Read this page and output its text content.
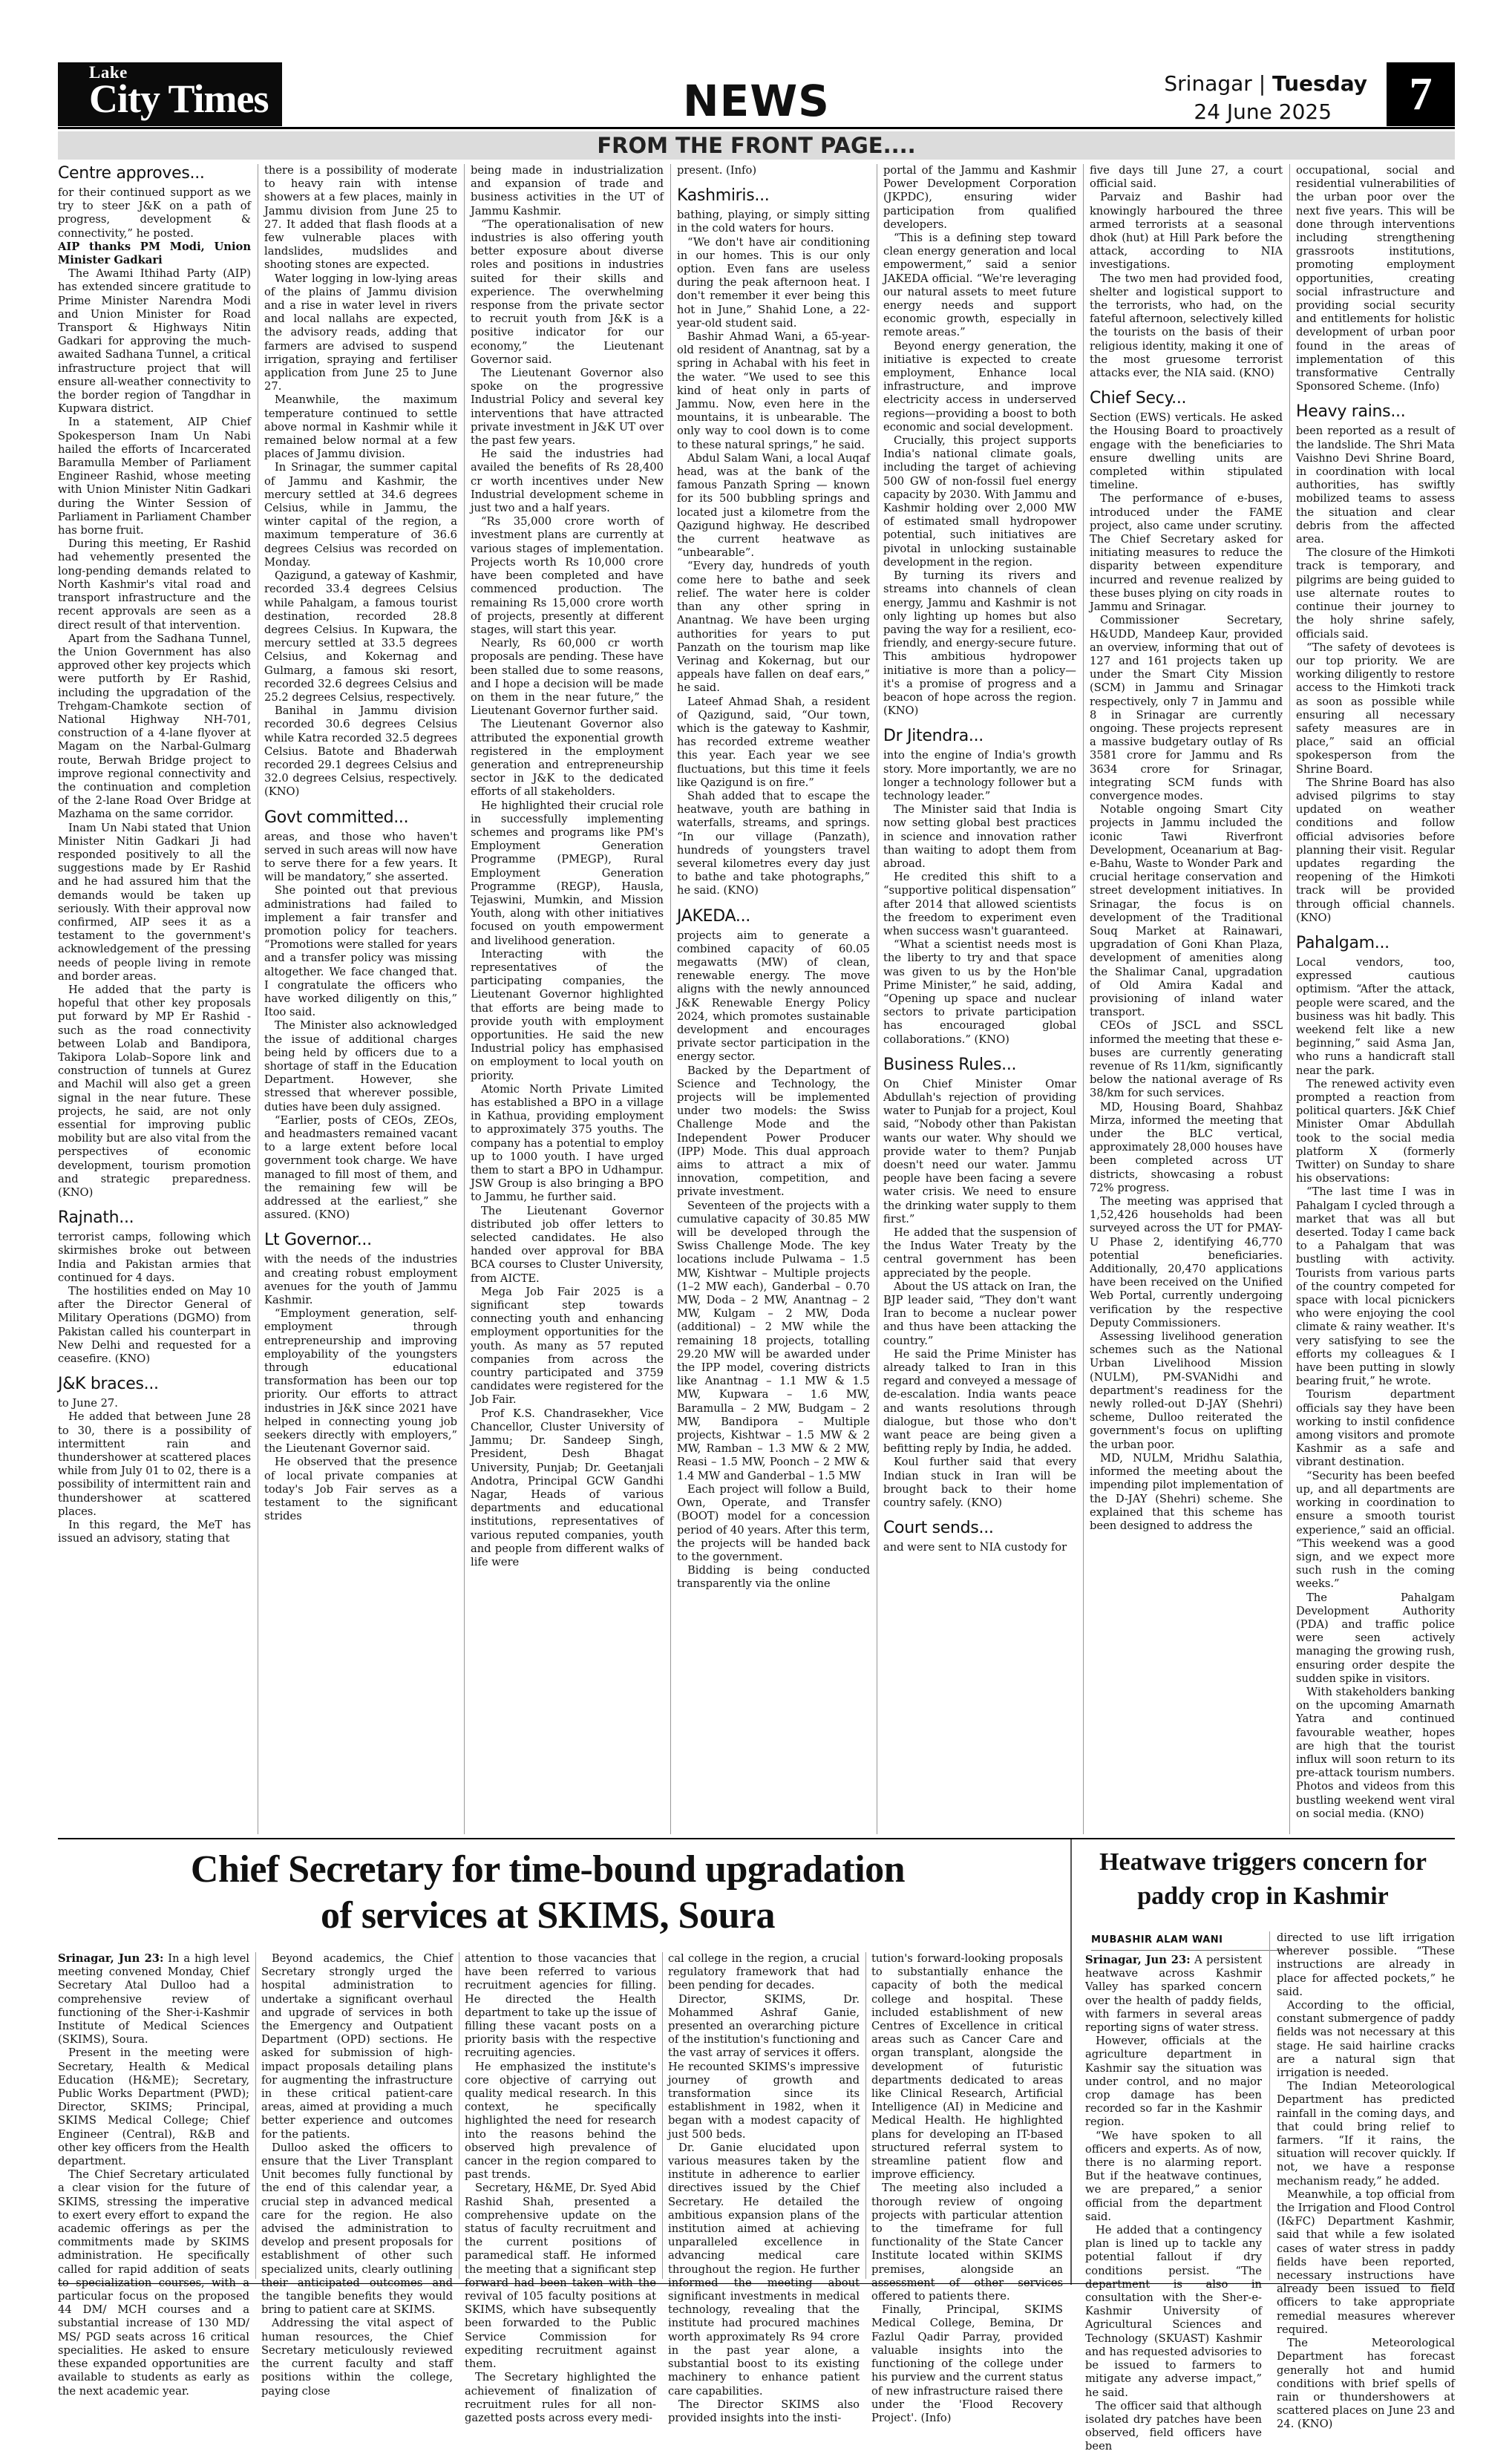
Lake
City Times	NEWS	Srinagar | Tuesday
24 June 2025	7
FROM THE FRONT PAGE....
Centre approves...

for their continued support as we try to steer J&K on a path of progress, development & connectivity,” he posted.

AIP thanks PM Modi, Union Minister Gadkari

The Awami Ithihad Party (AIP) has extended sincere gratitude to Prime Minister Narendra Modi and Union Minister for Road Transport & Highways Nitin Gadkari for approving the much-awaited Sadhana Tunnel, a critical infrastructure project that will ensure all-weather connectivity to the border region of Tangdhar in Kupwara district.

In a statement, AIP Chief Spokesperson Inam Un Nabi hailed the efforts of Incarcerated Baramulla Member of Parliament Engineer Rashid, whose meeting with Union Minister Nitin Gadkari during the Winter Session of Parliament in Parliament Chamber has borne fruit.

During this meeting, Er Rashid had vehemently presented the long-pending demands related to North Kashmir's vital road and transport infrastructure and the recent approvals are seen as a direct result of that intervention.

Apart from the Sadhana Tunnel, the Union Government has also approved other key projects which were putforth by Er Rashid, including the upgradation of the Trehgam-Chamkote section of National Highway NH-701, construction of a 4-lane flyover at Magam on the Narbal-Gulmarg route, Berwah Bridge project to improve regional connectivity and the continuation and completion of the 2-lane Road Over Bridge at Mazhama on the same corridor.

Inam Un Nabi stated that Union Minister Nitin Gadkari Ji had responded positively to all the suggestions made by Er Rashid and he had assured him that the demands would be taken up seriously. With their approval now confirmed, AIP sees it as a testament to the government's acknowledgement of the pressing needs of people living in remote and border areas.

He added that the party is hopeful that other key proposals put forward by MP Er Rashid - such as the road connectivity between Lolab and Bandipora, Takipora Lolab–Sopore link and construction of tunnels at Gurez and Machil will also get a green signal in the near future. These projects, he said, are not only essential for improving public mobility but are also vital from the perspectives of economic development, tourism promotion and strategic preparedness. (KNO)

Rajnath...

terrorist camps, following which skirmishes broke out between India and Pakistan armies that continued for 4 days.

The hostilities ended on May 10 after the Director General of Military Operations (DGMO) from Pakistan called his counterpart in New Delhi and requested for a ceasefire. (KNO)

J&K braces...

to June 27.

He added that between June 28 to 30, there is a possibility of intermittent rain and thundershower at scattered places while from July 01 to 02, there is a possibility of intermittent rain and thundershower at scattered places.

In this regard, the MeT has issued an advisory, stating that

there is a possibility of moderate to heavy rain with intense showers at a few places, mainly in Jammu division from June 25 to 27. It added that flash floods at a few vulnerable places with landslides, mudslides and shooting stones are expected.

Water logging in low-lying areas of the plains of Jammu division and a rise in water level in rivers and local nallahs are expected, the advisory reads, adding that farmers are advised to suspend irrigation, spraying and fertiliser application from June 25 to June 27.

Meanwhile, the maximum temperature continued to settle above normal in Kashmir while it remained below normal at a few places of Jammu division.

In Srinagar, the summer capital of Jammu and Kashmir, the mercury settled at 34.6 degrees Celsius, while in Jammu, the winter capital of the region, a maximum temperature of 36.6 degrees Celsius was recorded on Monday.

Qazigund, a gateway of Kashmir, recorded 33.4 degrees Celsius while Pahalgam, a famous tourist destination, recorded 28.8 degrees Celsius. In Kupwara, the mercury settled at 33.5 degrees Celsius, and Kokernag and Gulmarg, a famous ski resort, recorded 32.6 degrees Celsius and 25.2 degrees Celsius, respectively.

Banihal in Jammu division recorded 30.6 degrees Celsius while Katra recorded 32.5 degrees Celsius. Batote and Bhaderwah recorded 29.1 degrees Celsius and 32.0 degrees Celsius, respectively. (KNO)

Govt committed...

areas, and those who haven't served in such areas will now have to serve there for a few years. It will be mandatory,” she asserted.

She pointed out that previous administrations had failed to implement a fair transfer and promotion policy for teachers. “Promotions were stalled for years and a transfer policy was missing altogether. We face changed that. I congratulate the officers who have worked diligently on this,” Itoo said.

The Minister also acknowledged the issue of additional charges being held by officers due to a shortage of staff in the Education Department. However, she stressed that wherever possible, duties have been duly assigned.

“Earlier, posts of CEOs, ZEOs, and headmasters remained vacant to a large extent before local government took charge. We have managed to fill most of them, and the remaining few will be addressed at the earliest,” she assured. (KNO)

Lt Governor...

with the needs of the industries and creating robust employment avenues for the youth of Jammu Kashmir.

“Employment generation, self-employment through entrepreneurship and improving employability of the youngsters through educational transformation has been our top priority. Our efforts to attract industries in J&K since 2021 have helped in connecting young job seekers directly with employers,” the Lieutenant Governor said.

He observed that the presence of local private companies at today's Job Fair serves as a testament to the significant strides

being made in industrialization and expansion of trade and business activities in the UT of Jammu Kashmir.

“The operationalisation of new industries is also offering youth better exposure about diverse roles and positions in industries suited for their skills and experience. The overwhelming response from the private sector to recruit youth from J&K is a positive indicator for our economy,” the Lieutenant Governor said.

The Lieutenant Governor also spoke on the progressive Industrial Policy and several key interventions that have attracted private investment in J&K UT over the past few years.

He said the industries had availed the benefits of Rs 28,400 cr worth incentives under New Industrial development scheme in just two and a half years.

“Rs 35,000 crore worth of investment plans are currently at various stages of implementation. Projects worth Rs 10,000 crore have been completed and have commenced production. The remaining Rs 15,000 crore worth of projects, presently at different stages, will start this year.

Nearly, Rs 60,000 cr worth proposals are pending. These have been stalled due to some reasons, and I hope a decision will be made on them in the near future,” the Lieutenant Governor further said.

The Lieutenant Governor also attributed the exponential growth registered in the employment generation and entrepreneurship sector in J&K to the dedicated efforts of all stakeholders.

He highlighted their crucial role in successfully implementing schemes and programs like PM's Employment Generation Programme (PMEGP), Rural Employment Generation Programme (REGP), Hausla, Tejaswini, Mumkin, and Mission Youth, along with other initiatives focused on youth empowerment and livelihood generation.

Interacting with the representatives of the participating companies, the Lieutenant Governor highlighted that efforts are being made to provide youth with employment opportunities. He said the new Industrial policy has emphasised on employment to local youth on priority.

Atomic North Private Limited has established a BPO in a village in Kathua, providing employment to approximately 375 youths. The company has a potential to employ up to 1000 youth. I have urged them to start a BPO in Udhampur. JSW Group is also bringing a BPO to Jammu, he further said.

The Lieutenant Governor distributed job offer letters to selected candidates. He also handed over approval for BBA BCA courses to Cluster University, from AICTE.

Mega Job Fair 2025 is a significant step towards connecting youth and enhancing employment opportunities for the youth. As many as 57 reputed companies from across the country participated and 3759 candidates were registered for the Job Fair.

Prof K.S. Chandrasekher, Vice Chancellor, Cluster University of Jammu; Dr. Sandeep Singh, President, Desh Bhagat University, Punjab; Dr. Geetanjali Andotra, Principal GCW Gandhi Nagar, Heads of various departments and educational institutions, representatives of various reputed companies, youth and people from different walks of life were

present. (Info)

Kashmiris...

bathing, playing, or simply sitting in the cold waters for hours.

“We don't have air conditioning in our homes. This is our only option. Even fans are useless during the peak afternoon heat. I don't remember it ever being this hot in June,” Shahid Lone, a 22-year-old student said.

Bashir Ahmad Wani, a 65-year-old resident of Anantnag, sat by a spring in Achabal with his feet in the water. “We used to see this kind of heat only in parts of Jammu. Now, even here in the mountains, it is unbearable. The only way to cool down is to come to these natural springs,” he said.

Abdul Salam Wani, a local Auqaf head, was at the bank of the famous Panzath Spring — known for its 500 bubbling springs and located just a kilometre from the Qazigund highway. He described the current heatwave as “unbearable”.

“Every day, hundreds of youth come here to bathe and seek relief. The water here is colder than any other spring in Anantnag. We have been urging authorities for years to put Panzath on the tourism map like Verinag and Kokernag, but our appeals have fallen on deaf ears,” he said.

Lateef Ahmad Shah, a resident of Qazigund, said, “Our town, which is the gateway to Kashmir, has recorded extreme weather this year. Each year we see fluctuations, but this time it feels like Qazigund is on fire.”

Shah added that to escape the heatwave, youth are bathing in waterfalls, streams, and springs. “In our village (Panzath), hundreds of youngsters travel several kilometres every day just to bathe and take photographs,” he said. (KNO)

JAKEDA...

projects aim to generate a combined capacity of 60.05 megawatts (MW) of clean, renewable energy. The move aligns with the newly announced J&K Renewable Energy Policy 2024, which promotes sustainable development and encourages private sector participation in the energy sector.

Backed by the Department of Science and Technology, the projects will be implemented under two models: the Swiss Challenge Mode and the Independent Power Producer (IPP) Mode. This dual approach aims to attract a mix of innovation, competition, and private investment.

Seventeen of the projects with a cumulative capacity of 30.85 MW will be developed through the Swiss Challenge Mode. The key locations include Pulwama – 1.5 MW, Kishtwar – Multiple projects (1–2 MW each), Ganderbal – 0.70 MW, Doda – 2 MW, Anantnag – 2 MW, Kulgam – 2 MW, Doda (additional) – 2 MW while the remaining 18 projects, totalling 29.20 MW will be awarded under the IPP model, covering districts like Anantnag – 1.1 MW & 1.5 MW, Kupwara – 1.6 MW, Baramulla – 2 MW, Budgam – 2 MW, Bandipora – Multiple projects, Kishtwar – 1.5 MW & 2 MW, Ramban – 1.3 MW & 2 MW, Reasi – 1.5 MW, Poonch – 2 MW & 1.4 MW and Ganderbal – 1.5 MW

Each project will follow a Build, Own, Operate, and Transfer (BOOT) model for a concession period of 40 years. After this term, the projects will be handed back to the government.

Bidding is being conducted transparently via the online

portal of the Jammu and Kashmir Power Development Corporation (JKPDC), ensuring wider participation from qualified developers.

“This is a defining step toward clean energy generation and local empowerment,” said a senior JAKEDA official. “We're leveraging our natural assets to meet future energy needs and support economic growth, especially in remote areas.”

Beyond energy generation, the initiative is expected to create employment, Enhance local infrastructure, and improve electricity access in underserved regions—providing a boost to both economic and social development.

Crucially, this project supports India's national climate goals, including the target of achieving 500 GW of non-fossil fuel energy capacity by 2030. With Jammu and Kashmir holding over 2,000 MW of estimated small hydropower potential, such initiatives are pivotal in unlocking sustainable development in the region.

By turning its rivers and streams into channels of clean energy, Jammu and Kashmir is not only lighting up homes but also paving the way for a resilient, eco-friendly, and energy-secure future. This ambitious hydropower initiative is more than a policy—it's a promise of progress and a beacon of hope across the region. (KNO)

Dr Jitendra...

into the engine of India's growth story. More importantly, we are no longer a technology follower but a technology leader.”

The Minister said that India is now setting global best practices in science and innovation rather than waiting to adopt them from abroad.

He credited this shift to a “supportive political dispensation” after 2014 that allowed scientists the freedom to experiment even when success wasn't guaranteed.

“What a scientist needs most is the liberty to try and that space was given to us by the Hon'ble Prime Minister,” he said, adding, “Opening up space and nuclear sectors to private participation has encouraged global collaborations.” (KNO)

Business Rules...

On Chief Minister Omar Abdullah's rejection of providing water to Punjab for a project, Koul said, “Nobody other than Pakistan wants our water. Why should we provide water to them? Punjab doesn't need our water. Jammu people have been facing a severe water crisis. We need to ensure the drinking water supply to them first.”

He added that the suspension of the Indus Water Treaty by the central government has been appreciated by the people.

About the US attack on Iran, the BJP leader said, “They don't want Iran to become a nuclear power and thus have been attacking the country.”

He said the Prime Minister has already talked to Iran in this regard and conveyed a message of de-escalation. India wants peace and wants resolutions through dialogue, but those who don't want peace are being given a befitting reply by India, he added.

Koul further said that every Indian stuck in Iran will be brought back to their home country safely. (KNO)

Court sends...

and were sent to NIA custody for

five days till June 27, a court official said.

Parvaiz and Bashir had knowingly harboured the three armed terrorists at a seasonal dhok (hut) at Hill Park before the attack, according to NIA investigations.

The two men had provided food, shelter and logistical support to the terrorists, who had, on the fateful afternoon, selectively killed the tourists on the basis of their religious identity, making it one of the most gruesome terrorist attacks ever, the NIA said. (KNO)

Chief Secy...

Section (EWS) verticals. He asked the Housing Board to proactively engage with the beneficiaries to ensure dwelling units are completed within stipulated timeline.

The performance of e-buses, introduced under the FAME project, also came under scrutiny. The Chief Secretary asked for initiating measures to reduce the disparity between expenditure incurred and revenue realized by these buses plying on city roads in Jammu and Srinagar.

Commissioner Secretary, H&UDD, Mandeep Kaur, provided an overview, informing that out of 127 and 161 projects taken up under the Smart City Mission (SCM) in Jammu and Srinagar respectively, only 7 in Jammu and 8 in Srinagar are currently ongoing. These projects represent a massive budgetary outlay of Rs 3581 crore for Jammu and Rs 3634 crore for Srinagar, integrating SCM funds with convergence modes.

Notable ongoing Smart City projects in Jammu included the iconic Tawi Riverfront Development, Oceanarium at Bag-e-Bahu, Waste to Wonder Park and crucial heritage conservation and street development initiatives. In Srinagar, the focus is on development of the Traditional Souq Market at Rainawari, upgradation of Goni Khan Plaza, development of amenities along the Shalimar Canal, upgradation of Old Amira Kadal and provisioning of inland water transport.

CEOs of JSCL and SSCL informed the meeting that these e-buses are currently generating revenue of Rs 11/km, significantly below the national average of Rs 38/km for such services.

MD, Housing Board, Shahbaz Mirza, informed the meeting that under the BLC vertical, approximately 28,000 houses have been completed across UT districts, showcasing a robust 72% progress.

The meeting was apprised that 1,52,426 households had been surveyed across the UT for PMAY-U Phase 2, identifying 46,770 potential beneficiaries. Additionally, 20,470 applications have been received on the Unified Web Portal, currently undergoing verification by the respective Deputy Commissioners.

Assessing livelihood generation schemes such as the National Urban Livelihood Mission (NULM), PM-SVANidhi and department's readiness for the newly rolled-out D-JAY (Shehri) scheme, Dulloo reiterated the government's focus on uplifting the urban poor.

MD, NULM, Mridhu Salathia, informed the meeting about the impending pilot implementation of the D-JAY (Shehri) scheme. She explained that this scheme has been designed to address the

occupational, social and residential vulnerabilities of the urban poor over the next five years. This will be done through interventions including strengthening grassroots institutions, promoting employment opportunities, creating social infrastructure and providing social security and entitlements for holistic development of urban poor found in the areas of implementation of this transformative Centrally Sponsored Scheme. (Info)

Heavy rains...

been reported as a result of the landslide. The Shri Mata Vaishno Devi Shrine Board, in coordination with local authorities, has swiftly mobilized teams to assess the situation and clear debris from the affected area.

The closure of the Himkoti track is temporary, and pilgrims are being guided to use alternate routes to continue their journey to the holy shrine safely, officials said.

“The safety of devotees is our top priority. We are working diligently to restore access to the Himkoti track as soon as possible while ensuring all necessary safety measures are in place,” said an official spokesperson from the Shrine Board.

The Shrine Board has also advised pilgrims to stay updated on weather conditions and follow official advisories before planning their visit. Regular updates regarding the reopening of the Himkoti track will be provided through official channels. (KNO)

Pahalgam...

Local vendors, too, expressed cautious optimism. “After the attack, people were scared, and the business was hit badly. This weekend felt like a new beginning,” said Asma Jan, who runs a handicraft stall near the park.

The renewed activity even prompted a reaction from political quarters. J&K Chief Minister Omar Abdullah took to the social media platform X (formerly Twitter) on Sunday to share his observations:

“The last time I was in Pahalgam I cycled through a market that was all but deserted. Today I came back to a Pahalgam that was bustling with activity. Tourists from various parts of the country competed for space with local picnickers who were enjoying the cool climate & rainy weather. It's very satisfying to see the efforts my colleagues & I have been putting in slowly bearing fruit,” he wrote.

Tourism department officials say they have been working to instil confidence among visitors and promote Kashmir as a safe and vibrant destination.

“Security has been beefed up, and all departments are working in coordination to ensure a smooth tourist experience,” said an official. “This weekend was a good sign, and we expect more such rush in the coming weeks.”

The Pahalgam Development Authority (PDA) and traffic police were seen actively managing the growing rush, ensuring order despite the sudden spike in visitors.

With stakeholders banking on the upcoming Amarnath Yatra and continued favourable weather, hopes are high that the tourist influx will soon return to its pre-attack tourism numbers. Photos and videos from this bustling weekend went viral on social media. (KNO)

Chief Secretary for time-bound upgradation
of services at SKIMS, Soura

Srinagar, Jun 23: In a high level meeting convened Monday, Chief Secretary Atal Dulloo had a comprehensive review of functioning of the Sher-i-Kashmir Institute of Medical Sciences (SKIMS), Soura.

Present in the meeting were Secretary, Health & Medical Education (H&ME); Secretary, Public Works Department (PWD); Director, SKIMS; Principal, SKIMS Medical College; Chief Engineer (Central), R&B and other key officers from the Health department.

The Chief Secretary articulated a clear vision for the future of SKIMS, stressing the imperative to exert every effort to expand the academic offerings as per the commitments made by SKIMS administration. He specifically called for rapid addition of seats to specialization courses, with a particular focus on the proposed 44 DM/ MCH courses and a substantial increase of 130 MD/ MS/ PGD seats across 16 critical specialities. He asked to ensure these expanded opportunities are available to students as early as the next academic year.

Beyond academics, the Chief Secretary strongly urged the hospital administration to undertake a significant overhaul and upgrade of services in both the Emergency and Outpatient Department (OPD) sections. He asked for submission of high-impact proposals detailing plans for augmenting the infrastructure in these critical patient-care areas, aimed at providing a much better experience and outcomes for the patients.

Dulloo asked the officers to ensure that the Liver Transplant Unit becomes fully functional by the end of this calendar year, a crucial step in advanced medical care for the region. He also advised the administration to develop and present proposals for establishment of other such specialized units, clearly outlining their anticipated outcomes and the tangible benefits they would bring to patient care at SKIMS.

Addressing the vital aspect of human resources, the Chief Secretary meticulously reviewed the current faculty and staff positions within the college, paying close

attention to those vacancies that have been referred to various recruitment agencies for filling. He directed the Health department to take up the issue of filling these vacant posts on a priority basis with the respective recruiting agencies.

He emphasized the institute's core objective of carrying out quality medical research. In this context, he specifically highlighted the need for research into the reasons behind the observed high prevalence of cancer in the region compared to past trends.

Secretary, H&ME, Dr. Syed Abid Rashid Shah, presented a comprehensive update on the status of faculty recruitment and the current positions of paramedical staff. He informed the meeting that a significant step forward had been taken with the revival of 105 faculty positions at SKIMS, which have subsequently been forwarded to the Public Service Commission for expediting recruitment against them.

The Secretary highlighted the achievement of finalization of recruitment rules for all non-gazetted posts across every medi-

cal college in the region, a crucial regulatory framework that had been pending for decades.

Director, SKIMS, Dr. Mohammed Ashraf Ganie, presented an overarching picture of the institution's functioning and the vast array of services it offers. He recounted SKIMS's impressive journey of growth and transformation since its establishment in 1982, when it began with a modest capacity of just 500 beds.

Dr. Ganie elucidated upon various measures taken by the institute in adherence to earlier directives issued by the Chief Secretary. He detailed the ambitious expansion plans of the institution aimed at achieving unparalleled excellence in advancing medical care throughout the region. He further informed the meeting about significant investments in medical technology, revealing that the institute had procured machines worth approximately Rs 94 crore in the past year alone, a substantial boost to its existing machinery to enhance patient care capabilities.

The Director SKIMS also provided insights into the insti-

tution's forward-looking proposals to substantially enhance the capacity of both the medical college and hospital. These included establishment of new Centres of Excellence in critical areas such as Cancer Care and organ transplant, alongside the development of futuristic departments dedicated to areas like Clinical Research, Artificial Intelligence (AI) in Medicine and Medical Health. He highlighted plans for developing an IT-based structured referral system to streamline patient flow and improve efficiency.

The meeting also included a thorough review of ongoing projects with particular attention to the timeframe for full functionality of the State Cancer Institute located within SKIMS premises, alongside an assessment of other services offered to patients there.

Finally, Principal, SKIMS Medical College, Bemina, Dr Fazlul Qadir Parray, provided valuable insights into the functioning of the college under his purview and the current status of new infrastructure raised there under the 'Flood Recovery Project'. (Info)

Heatwave triggers concern for paddy crop in Kashmir
MUBASHIR ALAM WANI

Srinagar, Jun 23: A persistent heatwave across Kashmir Valley has sparked concern over the health of paddy fields, with farmers in several areas reporting signs of water stress.

However, officials at the agriculture department in Kashmir say the situation was under control, and no major crop damage has been recorded so far in the Kashmir region.

“We have spoken to all officers and experts. As of now, there is no alarming report. But if the heatwave continues, we are prepared,” a senior official from the department said.

He added that a contingency plan is lined up to tackle any potential fallout if dry conditions persist. “The department is also in consultation with the Sher-e-Kashmir University of Agricultural Sciences and Technology (SKUAST) Kashmir and has requested advisories to be issued to farmers to mitigate any adverse impact,” he said.

The officer said that although isolated dry patches have been observed, field officers have been

directed to use lift irrigation wherever possible. “These instructions are already in place for affected pockets,” he said.

According to the official, constant submergence of paddy fields was not necessary at this stage. He said hairline cracks are a natural sign that irrigation is needed.

The Indian Meteorological Department has predicted rainfall in the coming days, and that could bring relief to farmers. “If it rains, the situation will recover quickly. If not, we have a response mechanism ready,” he added.

Meanwhile, a top official from the Irrigation and Flood Control (I&FC) Department Kashmir, said that while a few isolated cases of water stress in paddy fields have been reported, necessary instructions have already been issued to field officers to take appropriate remedial measures wherever required.

The Meteorological Department has forecast generally hot and humid conditions with brief spells of rain or thundershowers at scattered places on June 23 and 24. (KNO)
